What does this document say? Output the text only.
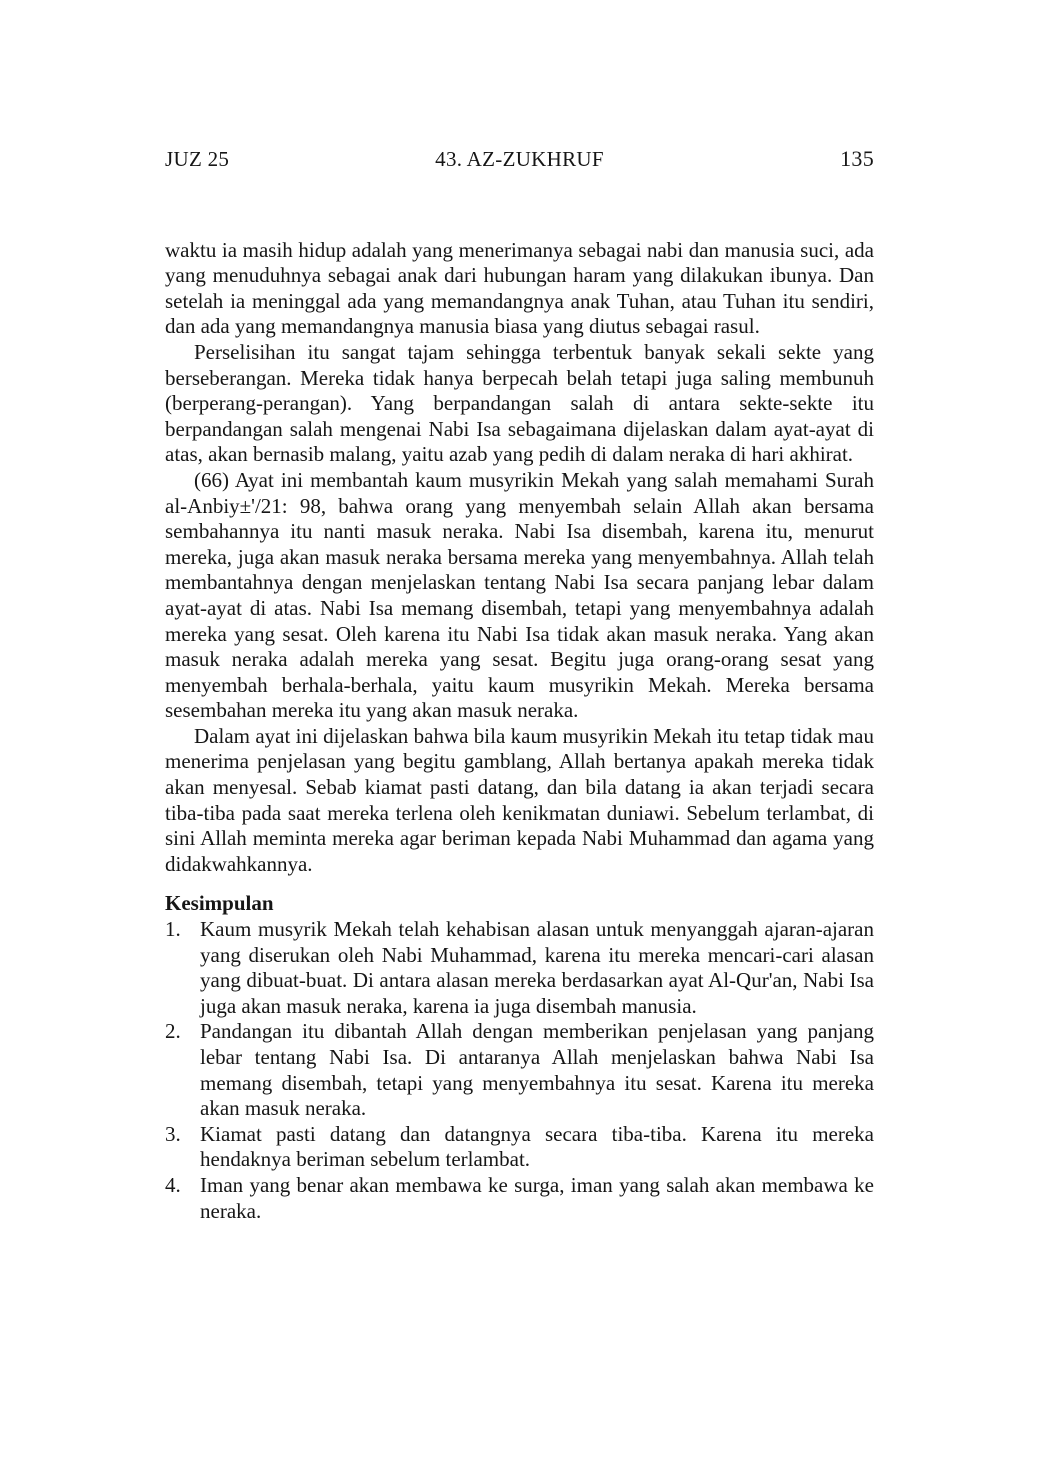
JUZ 25	43. AZ-ZUKHRUF	135

waktu ia masih hidup adalah yang menerimanya sebagai nabi dan manusia suci, ada yang menuduhnya sebagai anak dari hubungan haram yang dilakukan ibunya. Dan setelah ia meninggal ada yang memandangnya anak Tuhan, atau Tuhan itu sendiri, dan ada yang memandangnya manusia biasa yang diutus sebagai rasul.

Perselisihan itu sangat tajam sehingga terbentuk banyak sekali sekte yang berseberangan. Mereka tidak hanya berpecah belah tetapi juga saling membunuh (berperang-perangan). Yang berpandangan salah di antara sekte-sekte itu berpandangan salah mengenai Nabi Isa sebagaimana dijelaskan dalam ayat-ayat di atas, akan bernasib malang, yaitu azab yang pedih di dalam neraka di hari akhirat.

(66) Ayat ini membantah kaum musyrikin Mekah yang salah memahami Surah al-Anbiy±'/21: 98, bahwa orang yang menyembah selain Allah akan bersama sembahannya itu nanti masuk neraka. Nabi Isa disembah, karena itu, menurut mereka, juga akan masuk neraka bersama mereka yang menyembahnya. Allah telah membantahnya dengan menjelaskan tentang Nabi Isa secara panjang lebar dalam ayat-ayat di atas. Nabi Isa memang disembah, tetapi yang menyembahnya adalah mereka yang sesat. Oleh karena itu Nabi Isa tidak akan masuk neraka. Yang akan masuk neraka adalah mereka yang sesat. Begitu juga orang-orang sesat yang menyembah berhala-berhala, yaitu kaum musyrikin Mekah. Mereka bersama sesembahan mereka itu yang akan masuk neraka.

Dalam ayat ini dijelaskan bahwa bila kaum musyrikin Mekah itu tetap tidak mau menerima penjelasan yang begitu gamblang, Allah bertanya apakah mereka tidak akan menyesal. Sebab kiamat pasti datang, dan bila datang ia akan terjadi secara tiba-tiba pada saat mereka terlena oleh kenikmatan duniawi. Sebelum terlambat, di sini Allah meminta mereka agar beriman kepada Nabi Muhammad dan agama yang didakwahkannya.

Kesimpulan
1. Kaum musyrik Mekah telah kehabisan alasan untuk menyanggah ajaran-ajaran yang diserukan oleh Nabi Muhammad, karena itu mereka mencari-cari alasan yang dibuat-buat. Di antara alasan mereka berdasarkan ayat Al-Qur'an, Nabi Isa juga akan masuk neraka, karena ia juga disembah manusia.
2. Pandangan itu dibantah Allah dengan memberikan penjelasan yang panjang lebar tentang Nabi Isa. Di antaranya Allah menjelaskan bahwa Nabi Isa memang disembah, tetapi yang menyembahnya itu sesat. Karena itu mereka akan masuk neraka.
3. Kiamat pasti datang dan datangnya secara tiba-tiba. Karena itu mereka hendaknya beriman sebelum terlambat.
4. Iman yang benar akan membawa ke surga, iman yang salah akan membawa ke neraka.
